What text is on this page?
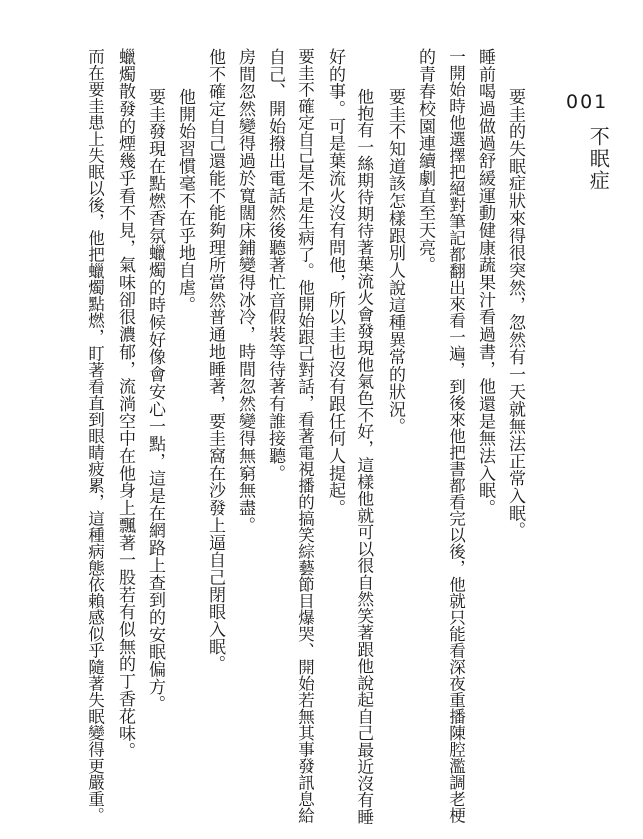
001
不眠症
要圭的失眠症狀來得很突然，忽然有一天就無法正常入眠。
睡前喝過做過舒緩運動健康蔬果汁看過書，他還是無法入眠。
一開始時他選擇把絕對筆記都翻出來看一遍，到後來他把書都看完以後，他就只能看深夜重播陳腔濫調老梗
的青春校園連續劇直至天亮。
要圭不知道該怎樣跟別人說這種異常的狀況。
他抱有一絲期待期待著葉流火會發現他氣色不好，這樣他就可以很自然笑著跟他說起自己最近沒有睡
好的事。可是葉流火沒有問他，所以圭也沒有跟任何人提起。
要圭不確定自己是不是生病了。他開始跟己對話，看著電視播的搞笑綜藝節目爆哭、開始若無其事發訊息給
自己、開始撥出電話然後聽著忙音假裝等待著有誰接聽。
房間忽然變得過於寬闊床鋪變得冰冷，時間忽然變得無窮無盡。
他不確定自己還能不能夠理所當然普通地睡著，要圭窩在沙發上逼自己閉眼入眠。
他開始習慣毫不在乎地自虐。
要圭發現在點燃香氛蠟燭的時候好像會安心一點，這是在網路上查到的安眠偏方。
蠟燭散發的煙幾乎看不見，氣味卻很濃郁，流淌空中在他身上飄著一股若有似無的丁香花味。
而在要圭患上失眠以後，他把蠟燭點燃，盯著看直到眼睛疲累，這種病態依賴感似乎隨著失眠變得更嚴重。
